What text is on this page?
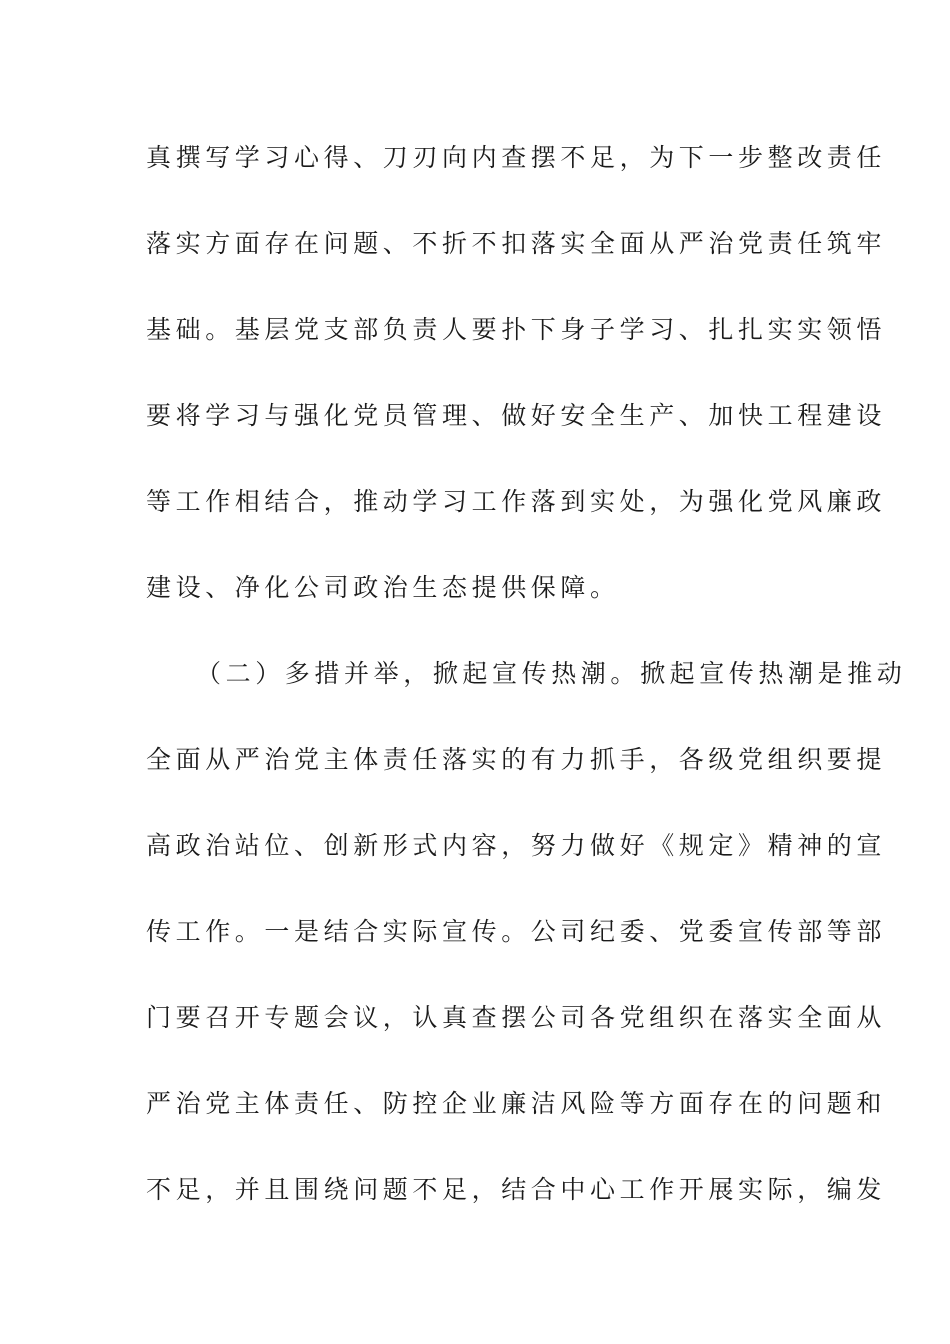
真撰写学习心得、刀刃向内查摆不足，为下一步整改责任
落实方面存在问题、不折不扣落实全面从严治党责任筑牢
基础。基层党支部负责人要扑下身子学习、扎扎实实领悟
要将学习与强化党员管理、做好安全生产、加快工程建设
等工作相结合，推动学习工作落到实处，为强化党风廉政
建设、净化公司政治生态提供保障。
（二）多措并举，掀起宣传热潮。掀起宣传热潮是推动
全面从严治党主体责任落实的有力抓手，各级党组织要提
高政治站位、创新形式内容，努力做好《规定》精神的宣
传工作。一是结合实际宣传。公司纪委、党委宣传部等部
门要召开专题会议，认真查摆公司各党组织在落实全面从
严治党主体责任、防控企业廉洁风险等方面存在的问题和
不足，并且围绕问题不足，结合中心工作开展实际，编发
